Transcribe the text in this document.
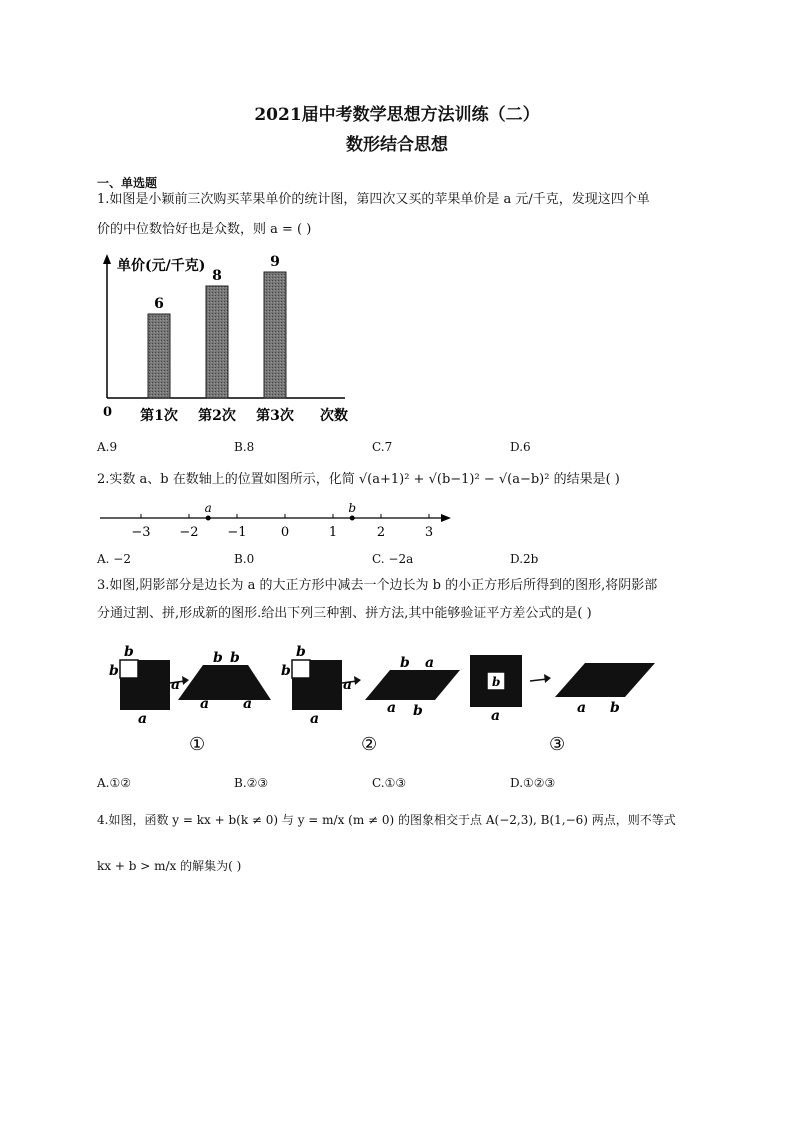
2021届中考数学思想方法训练（二）
数形结合思想
一、单选题
1.如图是小颖前三次购买苹果单价的统计图，第四次又买的苹果单价是 a 元/千克，发现这四个单
价的中位数恰好也是众数，则 a = ( )
单价(元/千克)
6
第1次
8
第2次
9
第3次
0	次数
A.9	B.8	C.7	D.6
2.实数 a、b 在数轴上的位置如图所示，化简 √(a+1)² + √(b−1)² − √(a−b)² 的结果是( )
−3 −2 −1	0	1	2	3
a	b
A. −2	B.0	C. −2a	D.2b
3.如图,阴影部分是边长为 a 的大正方形中减去一个边长为 b 的小正方形后所得到的图形,将阴影部
分通过割、拼,形成新的图形.给出下列三种割、拼方法,其中能够验证平方差公式的是( )
b
b
a
a
b b
a a
①
b
b
a
a
b a
a b
②
b
a	a b
③
A.①②	B.②③	C.①③	D.①②③
4.如图，函数 y = kx + b(k ≠ 0) 与 y = m/x (m ≠ 0) 的图象相交于点 A(−2,3), B(1,−6) 两点，则不等式
kx + b > m/x 的解集为( )
